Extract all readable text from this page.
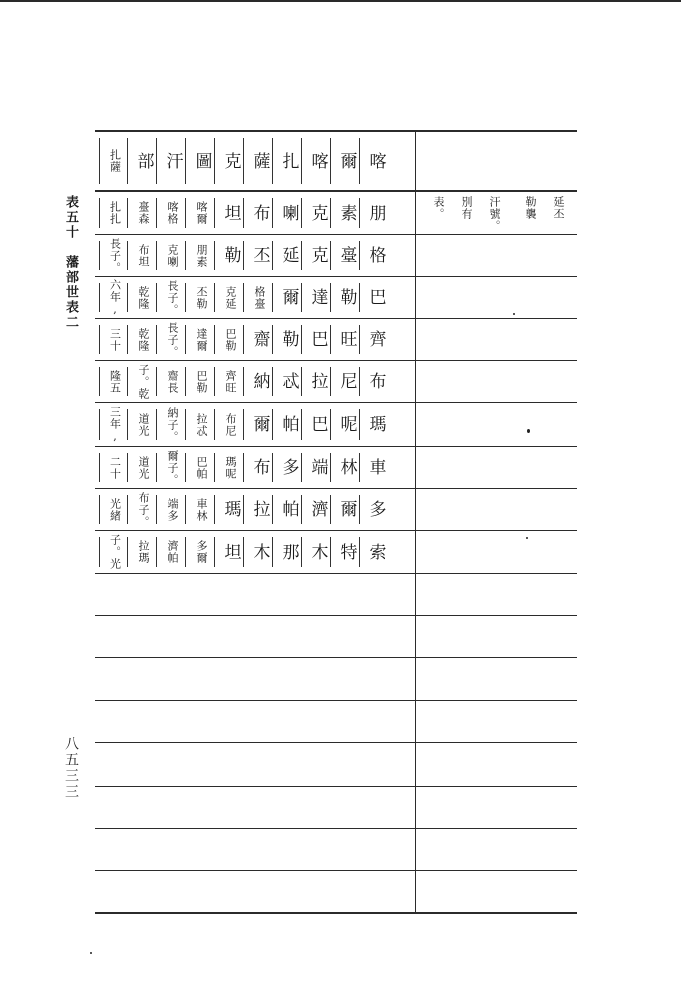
表五十　藩部世表二
八五三三
扎薩 部 汗 圖 克 薩 扎 喀 爾 喀
扎扎 㙶森 喀格 喀爾 坦 布 喇 克 素 朋
長子。 布坦 克喇 朋素 勒 丕 延 克 㙶 格
六年, 乾隆 長子。 丕勒 克延 格㙶 爾 達 勒 巴
三十 乾隆 長子。 達爾 巴勒 齋 勒 巴 旺 齊
隆五 子。乾 齋長 巴勒 齊旺 納 忒 拉 尼 布
三年, 道光 納子。 拉忒 布尼 爾 帕 巴 呢 瑪
二十 道光 爾子。 巴帕 瑪呢 布 多 端 林 車
光緒 布子。 端多 車林 瑪 拉 帕 濟 爾 多
子。光 拉瑪 濟帕 多爾 坦 木 那 木 特 索
延丕
勒襲
汗號。
別有
表。
